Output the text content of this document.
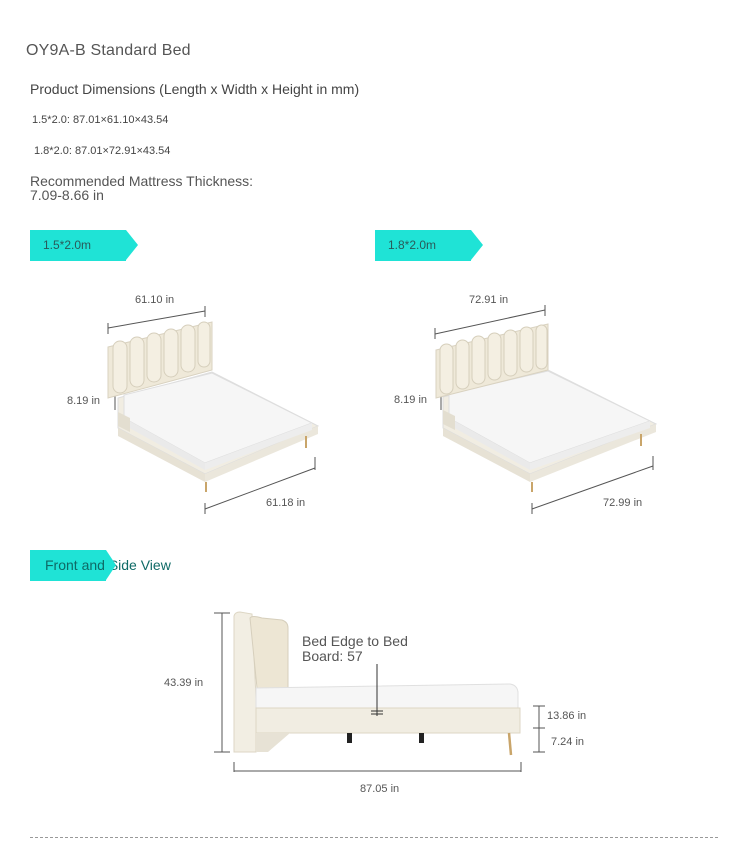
OY9A-B Standard Bed
Product Dimensions (Length x Width x Height in mm)
1.5*2.0: 87.01×61.10×43.54
1.8*2.0: 87.01×72.91×43.54
Recommended Mattress Thickness:
7.09-8.66 in
1.5*2.0m	1.8*2.0m
Front and Side View
61.10 in
8.19 in
61.18 in
72.91 in
8.19 in
72.99 in
43.39 in
Bed Edge to Bed
Board: 57
13.86 in
7.24 in
87.05 in
